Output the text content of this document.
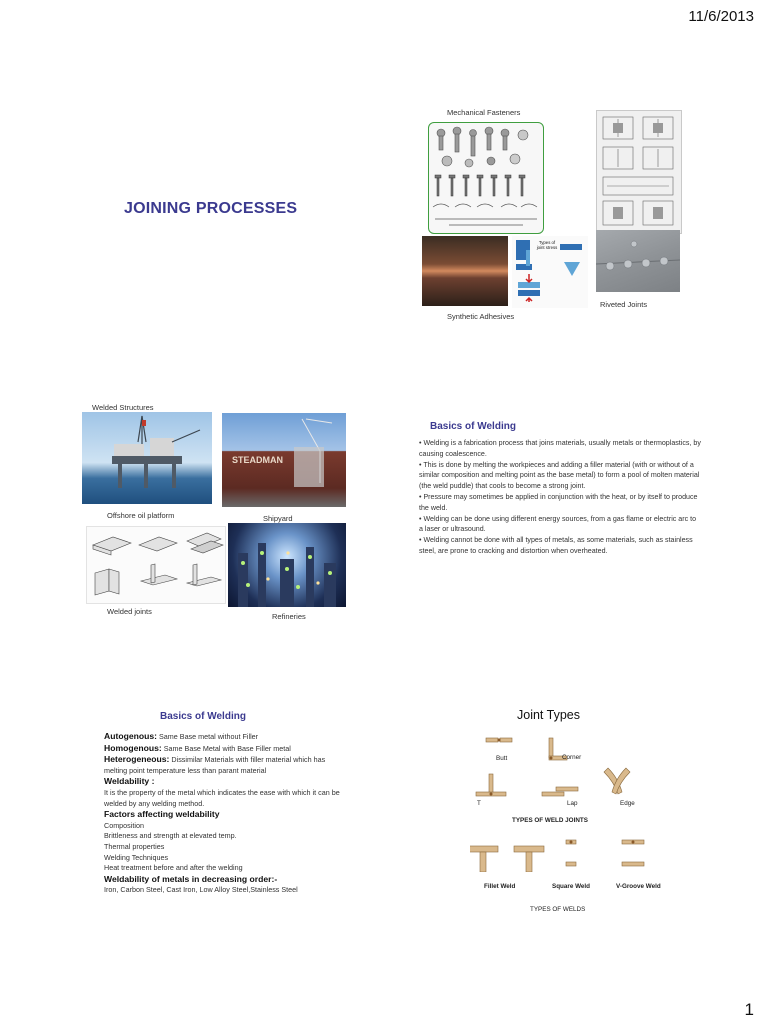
11/6/2013
1
JOINING PROCESSES
Mechanical Fasteners
Types of joint stress
Synthetic Adhesives
Riveted Joints
Welded Structures
STEADMAN
Offshore oil platform	Shipyard
Welded joints
Refineries
Basics of Welding

• Welding is a fabrication process that joins materials, usually metals or thermoplastics, by causing coalescence.

• This is done by melting the workpieces and adding a filler material (with or without of a similar composition and melting point as the base metal) to form a pool of molten material (the weld puddle) that cools to become a strong joint.

• Pressure may sometimes be applied in conjunction with the heat, or by itself to produce the weld.

• Welding can be done using different energy sources, from a gas flame or electric arc to a laser or ultrasound.

• Welding cannot be done with all types of metals, as some materials, such as stainless steel, are prone to cracking and distortion when overheated.

Basics of Welding
Autogenous: Same Base metal without Filler
Homogenous: Same Base Metal with Base Filler metal
Heterogeneous: Dissimilar Materials with filler material which has melting point temperature less than parant material
Weldability :
It is the property of the metal which indicates the ease with which it can be welded by any welding method.
Factors affecting weldability
Composition
Brittleness and strength at elevated temp.
Thermal properties
Welding Techniques
Heat treatment before and after the welding
Weldability of metals in decreasing order:-
Iron, Carbon Steel, Cast Iron, Low Alloy Steel,Stainless Steel
Joint Types
Butt	Corner
T	Lap	Edge
TYPES OF WELD JOINTS
Fillet Weld	Square Weld	V-Groove Weld
TYPES OF WELDS
